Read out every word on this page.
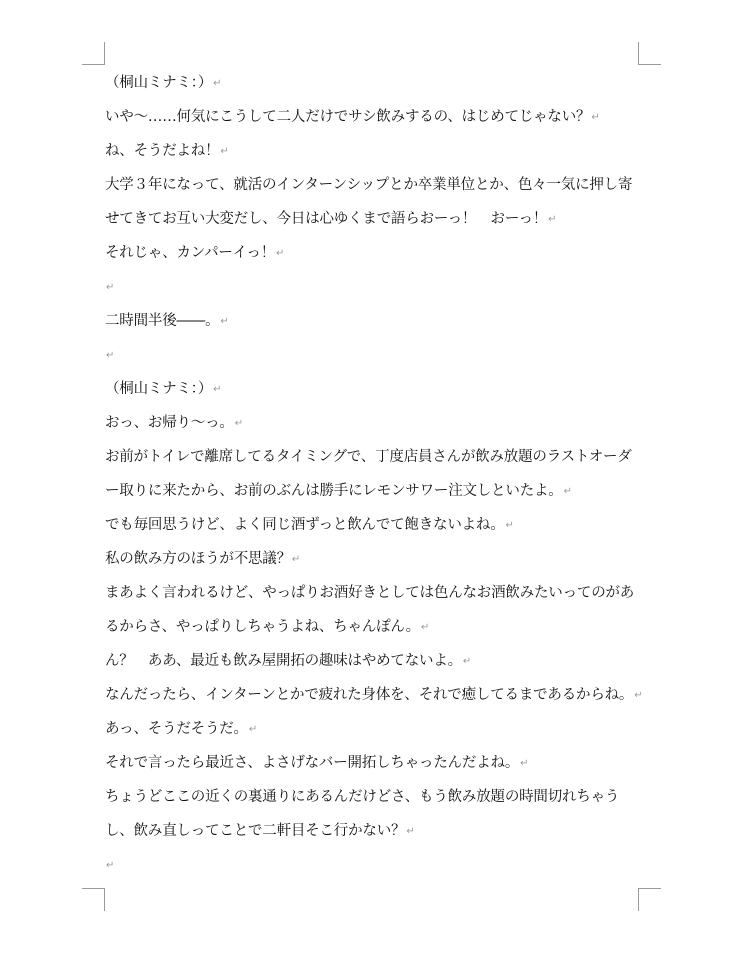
（桐山ミナミ：）↵
いや〜……何気にこうして二人だけでサシ飲みするの、はじめてじゃない？↵
ね、そうだよね！↵
大学３年になって、就活のインターンシップとか卒業単位とか、色々一気に押し寄
せてきてお互い大変だし、今日は心ゆくまで語らおーっ！　おーっ！↵
それじゃ、カンパーイっ！↵
↵
二時間半後――。↵
↵
（桐山ミナミ：）↵
おっ、お帰り〜っ。↵
お前がトイレで離席してるタイミングで、丁度店員さんが飲み放題のラストオーダ
ー取りに来たから、お前のぶんは勝手にレモンサワー注文しといたよ。↵
でも毎回思うけど、よく同じ酒ずっと飲んでて飽きないよね。↵
私の飲み方のほうが不思議？↵
まあよく言われるけど、やっぱりお酒好きとしては色んなお酒飲みたいってのがあ
るからさ、やっぱりしちゃうよね、ちゃんぽん。↵
ん？　ああ、最近も飲み屋開拓の趣味はやめてないよ。↵
なんだったら、インターンとかで疲れた身体を、それで癒してるまであるからね。↵
あっ、そうだそうだ。↵
それで言ったら最近さ、よさげなバー開拓しちゃったんだよね。↵
ちょうどここの近くの裏通りにあるんだけどさ、もう飲み放題の時間切れちゃう
し、飲み直しってことで二軒目そこ行かない？↵
↵
